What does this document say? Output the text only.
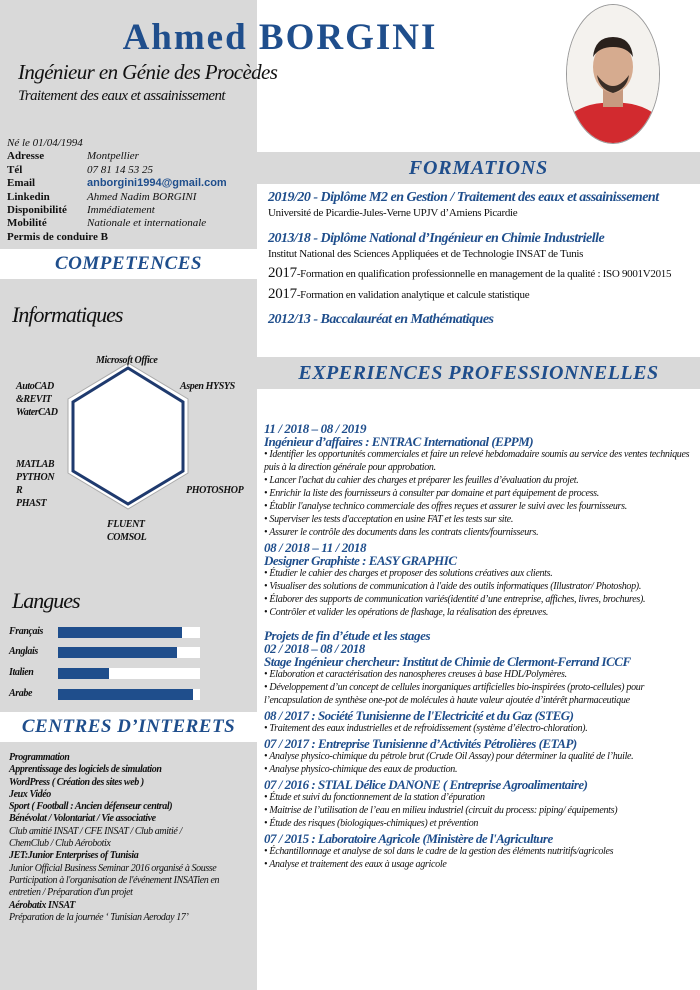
Ahmed BORGINI
Ingénieur en Génie des Procèdes
Traitement des eaux et assainissement
Né le 01/04/1994
Adresse	Montpellier
Tél	07 81 14 53 25
Email	anborgini1994@gmail.com
Linkedin	Ahmed Nadim BORGINI
Disponibilité	Immédiatement
Mobilité	Nationale et internationale
Permis de conduire B
COMPETENCES
Informatiques
Microsoft Office
Aspen HYSYS
PHOTOSHOP
FLUENT
COMSOL
MATLAB
PYTHON
R
PHAST
AutoCAD
&REVIT
WaterCAD
Langues
Français
Anglais
Italien
Arabe
CENTRES D’INTERETS
Programmation
Apprentissage des logiciels de simulation
WordPress ( Création des sites web )
Jeux Vidéo
Sport ( Football : Ancien défenseur central)
Bénévolat / Volontariat / Vie associative
Club amitié INSAT / CFE INSAT / Club amitié /
ChemClub / Club Aérobotix
JET:Junior Enterprises of Tunisia
Junior Official Business Seminar 2016 organisé à Sousse
Participation à l'organisation de l'événement INSATien en
entretien / Préparation d'un projet
Aérobatix INSAT
Préparation de la journée ‘ Tunisian Aeroday 17’
FORMATIONS
2019/20 - Diplôme M2 en Gestion / Traitement des eaux et assainissement
Université de Picardie-Jules-Verne UPJV d’Amiens Picardie
2013/18 - Diplôme National d’Ingénieur en Chimie Industrielle
Institut National des Sciences Appliquées et de Technologie INSAT de Tunis
2017-Formation en qualification professionnelle en management de la qualité : ISO 9001V2015
2017-Formation en validation analytique et calcule statistique
2012/13 - Baccalauréat en Mathématiques
EXPERIENCES PROFESSIONNELLES
11 / 2018 – 08 / 2019
Ingénieur d’affaires : ENTRAC International (EPPM)
• Identifier les opportunités commerciales et faire un relevé hebdomadaire soumis au service des ventes techniques puis à la direction générale pour approbation.
• Lancer l'achat du cahier des charges et préparer les feuilles d’évaluation du projet.
• Enrichir la liste des fournisseurs à consulter par domaine et part équipement de process.
• Établir l'analyse technico commerciale des offres reçues et assurer le suivi avec les fournisseurs.
• Superviser les tests d'acceptation en usine FAT et les tests sur site.
• Assurer le contrôle des documents dans les contrats clients/fournisseurs.
08 / 2018 – 11 / 2018
Designer Graphiste : EASY GRAPHIC
• Étudier le cahier des charges et proposer des solutions créatives aux clients.
• Visualiser des solutions de communication à l'aide des outils informatiques (Illustrator/ Photoshop).
• Élaborer des supports de communication variés(identité d’une entreprise, affiches, livres, brochures).
• Contrôler et valider les opérations de flashage, la réalisation des épreuves.
Projets de fin d’étude et les stages
02 / 2018 – 08 / 2018
Stage Ingénieur chercheur: Institut de Chimie de Clermont-Ferrand ICCF
• Elaboration et caractérisation des nanospheres creuses à base HDL/Polymères.
• Développement d’un concept de cellules inorganiques artificielles bio-inspirées (proto-cellules) pour l’encapsulation de synthèse one-pot de molécules à haute valeur ajoutée d’intérêt pharmaceutique
08 / 2017 : Société Tunisienne de l'Electricité et du Gaz (STEG)
• Traitement des eaux industrielles et de refroidissement (système d’électro-chloration).
07 / 2017 : Entreprise Tunisienne d’Activités Pétrolières (ETAP)
• Analyse physico-chimique du pétrole brut (Crude Oil Assay) pour déterminer la qualité de l’huile.
• Analyse physico-chimique des eaux de production.
07 / 2016 : STIAL Délice DANONE ( Entreprise Agroalimentaire)
• Étude et suivi du fonctionnement de la station d’épuration
• Maitrise de l’utilisation de l’eau en milieu industriel (circuit du process: piping/ équipements)
• Étude des risques (biologiques-chimiques) et prévention
07 / 2015 : Laboratoire Agricole (Ministère de l'Agriculture
• Échantillonnage et analyse de sol dans le cadre de la gestion des éléments nutritifs/agricoles
• Analyse et traitement des eaux à usage agricole
